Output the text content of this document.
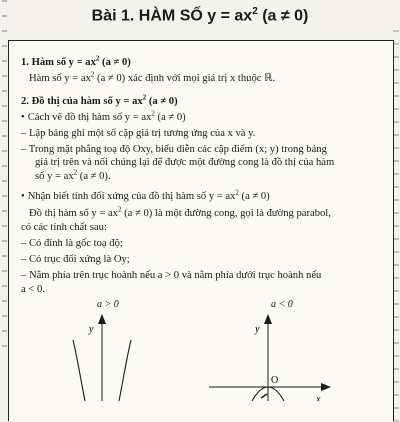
Bài 1. HÀM SỐ $y = ax^2$ (a ≠ 0)
1. Hàm số $y = ax^2$ (a ≠ 0)
Hàm số $y = ax^2$ (a ≠ 0) xác định với mọi giá trị x thuộc ℝ.
2. Đồ thị của hàm số $y = ax^2$ (a ≠ 0)
• Cách vẽ đồ thị hàm số $y = ax^2$ (a ≠ 0)
– Lập bảng ghi một số cặp giá trị tương ứng của x và y.
– Trong mặt phẳng toạ độ Oxy, biểu diễn các cặp điểm (x; y) trong bảng
giá trị trên và nối chúng lại để được một đường cong là đồ thị của hàm
số $y = ax^2$ (a ≠ 0).
• Nhận biết tính đối xứng của đồ thị hàm số $y = ax^2$ (a ≠ 0)
Đồ thị hàm số $y = ax^2$ (a ≠ 0) là một đường cong, gọi là đường parabol,
có các tính chất sau:
– Có đỉnh là gốc toạ độ;
– Có trục đối xứng là Oy;
– Nằm phía trên trục hoành nếu a > 0 và nằm phía dưới trục hoành nếu
a < 0.
a > 0	a < 0
y	y
x
O
